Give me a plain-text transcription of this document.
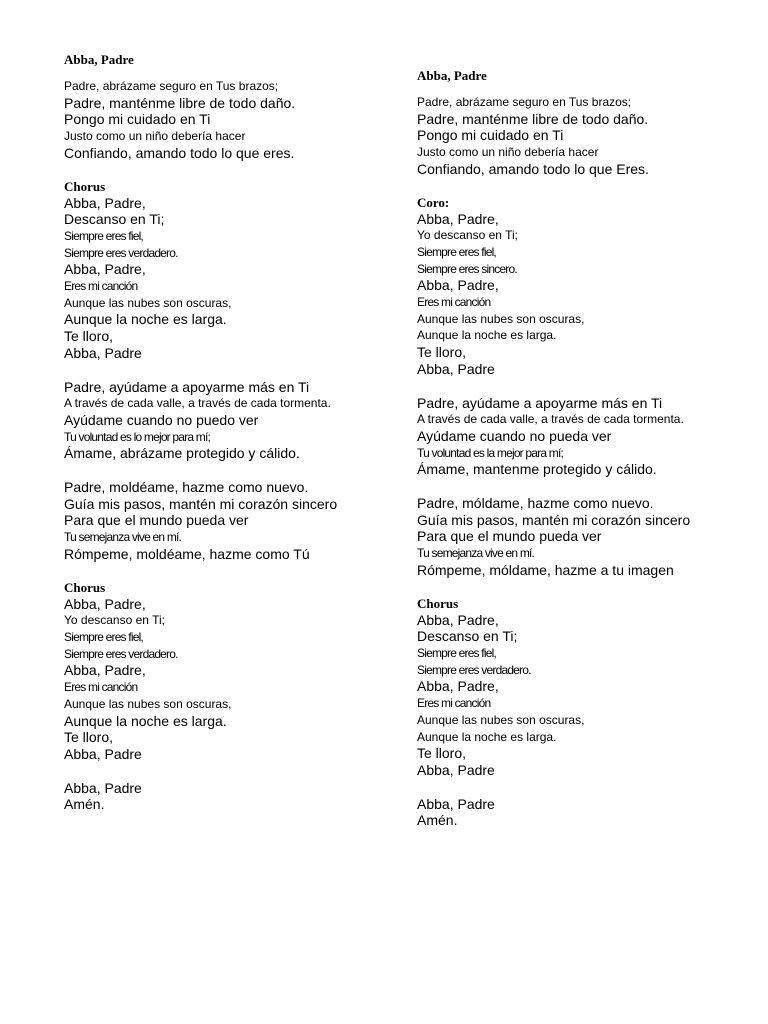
Abba, Padre

Padre, abrázame seguro en Tus brazos;
Padre, manténme libre de todo daño.
Pongo mi cuidado en Ti
Justo como un niño debería hacer
Confiando, amando todo lo que eres.

Chorus

Abba, Padre,
Descanso en Ti;
Siempre eres fiel,
Siempre eres verdadero.
Abba, Padre,
Eres mi canción
Aunque las nubes son oscuras,
Aunque la noche es larga.
Te lloro,
Abba, Padre
Padre, ayúdame a apoyarme más en Ti
A través de cada valle, a través de cada tormenta.
Ayúdame cuando no puedo ver
Tu voluntad es lo mejor para mí;
Ámame, abrázame protegido y cálido.
Padre, moldéame, hazme como nuevo.
Guía mis pasos, mantén mi corazón sincero
Para que el mundo pueda ver
Tu semejanza vive en mí.
Rómpeme, moldéame, hazme como Tú

Chorus

Abba, Padre,
Yo descanso en Ti;
Siempre eres fiel,
Siempre eres verdadero.
Abba, Padre,
Eres mi canción
Aunque las nubes son oscuras,
Aunque la noche es larga.
Te lloro,
Abba, Padre
Abba, Padre
Amén.

Abba, Padre

Padre, abrázame seguro en Tus brazos;
Padre, manténme libre de todo daño.
Pongo mi cuidado en Ti
Justo como un niño debería hacer
Confiando, amando todo lo que Eres.

Coro:

Abba, Padre,
Yo descanso en Ti;
Siempre eres fiel,
Siempre eres sincero.
Abba, Padre,
Eres mi canción
Aunque las nubes son oscuras,
Aunque la noche es larga.
Te lloro,
Abba, Padre
Padre, ayúdame a apoyarme más en Ti
A través de cada valle, a través de cada tormenta.
Ayúdame cuando no pueda ver
Tu voluntad es la mejor para mí;
Ámame, mantenme protegido y cálido.
Padre, móldame, hazme como nuevo.
Guía mis pasos, mantén mi corazón sincero
Para que el mundo pueda ver
Tu semejanza vive en mí.
Rómpeme, móldame, hazme a tu imagen

Chorus

Abba, Padre,
Descanso en Ti;
Siempre eres fiel,
Siempre eres verdadero.
Abba, Padre,
Eres mi canción
Aunque las nubes son oscuras,
Aunque la noche es larga.
Te lloro,
Abba, Padre
Abba, Padre
Amén.
